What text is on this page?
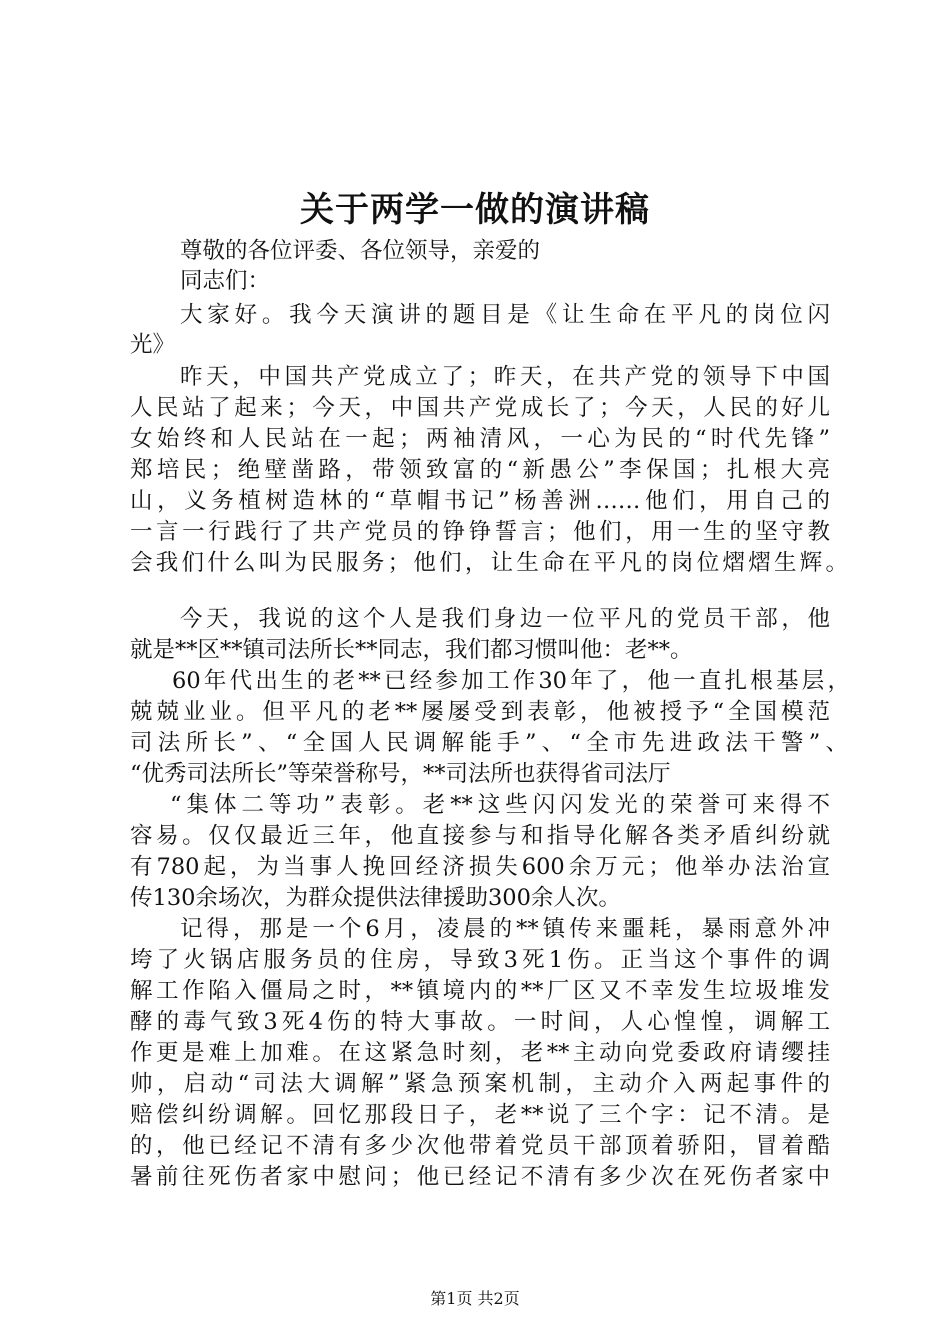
关于两学一做的演讲稿
尊敬的各位评委、各位领导，亲爱的
同志们：
大家好。我今天演讲的题目是《让生命在平凡的岗位闪
光》
昨天，中国共产党成立了；昨天，在共产党的领导下中国
人民站了起来；今天，中国共产党成长了；今天，人民的好儿
女始终和人民站在一起；两袖清风，一心为民的“时代先锋”
郑培民；绝壁凿路，带领致富的“新愚公”李保国；扎根大亮
山，义务植树造林的“草帽书记”杨善洲……他们，用自己的
一言一行践行了共产党员的铮铮誓言；他们，用一生的坚守教
会我们什么叫为民服务；他们，让生命在平凡的岗位熠熠生辉。
今天，我说的这个人是我们身边一位平凡的党员干部，他
就是**区**镇司法所长**同志，我们都习惯叫他：老**。
60年代出生的老**已经参加工作30年了，他一直扎根基层，
兢兢业业。但平凡的老**屡屡受到表彰，他被授予“全国模范
司法所长”、“全国人民调解能手”、“全市先进政法干警”、
“优秀司法所长”等荣誉称号，**司法所也获得省司法厅
“集体二等功”表彰。老**这些闪闪发光的荣誉可来得不
容易。仅仅最近三年，他直接参与和指导化解各类矛盾纠纷就
有780起，为当事人挽回经济损失600余万元；他举办法治宣
传130余场次，为群众提供法律援助300余人次。
记得，那是一个6月，凌晨的**镇传来噩耗，暴雨意外冲
垮了火锅店服务员的住房，导致3死1伤。正当这个事件的调
解工作陷入僵局之时，**镇境内的**厂区又不幸发生垃圾堆发
酵的毒气致3死4伤的特大事故。一时间，人心惶惶，调解工
作更是难上加难。在这紧急时刻，老**主动向党委政府请缨挂
帅，启动“司法大调解”紧急预案机制，主动介入两起事件的
赔偿纠纷调解。回忆那段日子，老**说了三个字：记不清。是
的，他已经记不清有多少次他带着党员干部顶着骄阳，冒着酷
暑前往死伤者家中慰问；他已经记不清有多少次在死伤者家中
第1页 共2页
